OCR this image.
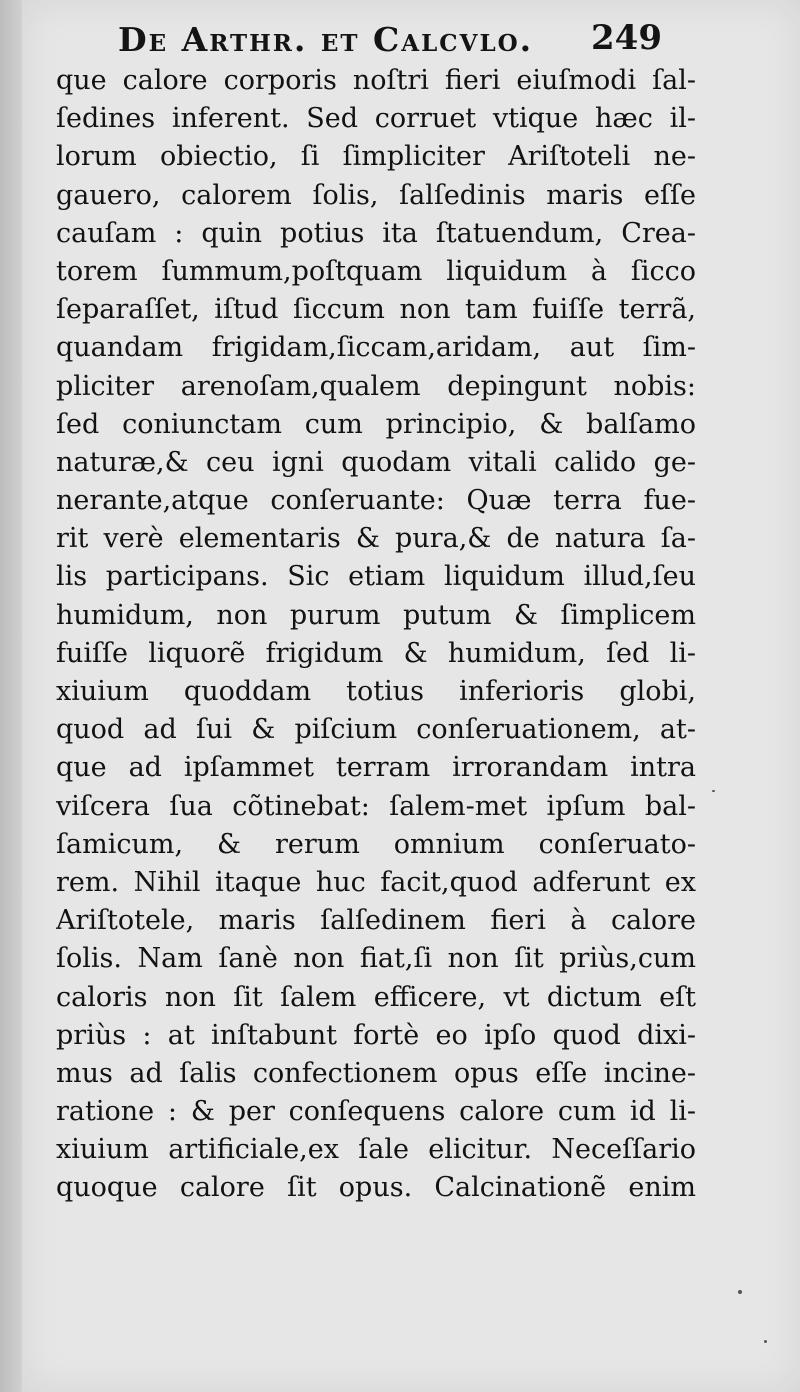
De Arthr. et Calcvlo. 249
que calore corporis noſtri fieri eiuſmodi ſal-
ſedines inferent. Sed corruet vtique hæc il-
lorum obiectio, ſi ſimpliciter Ariſtoteli ne-
gauero, calorem ſolis, ſalſedinis maris eſſe
cauſam : quin potius ita ſtatuendum, Crea-
torem ſummum,poſtquam liquidum à ſicco
ſeparaſſet, iſtud ſiccum non tam fuiſſe terrã,
quandam frigidam,ſiccam,aridam, aut ſim-
pliciter arenoſam,qualem depingunt nobis:
ſed coniunctam cum principio, & balſamo
naturæ,& ceu igni quodam vitali calido ge-
nerante,atque conſeruante: Quæ terra fue-
rit verè elementaris & pura,& de natura ſa-
lis participans. Sic etiam liquidum illud,ſeu
humidum, non purum putum & ſimplicem
fuiſſe liquorẽ frigidum & humidum, ſed li-
xiuium quoddam totius inferioris globi,
quod ad ſui & piſcium conſeruationem, at-
que ad ipſammet terram irrorandam intra
viſcera ſua cõtinebat: ſalem-met ipſum bal-
ſamicum, & rerum omnium conſeruato-
rem. Nihil itaque huc facit,quod adferunt ex
Ariſtotele, maris ſalſedinem fieri à calore
ſolis. Nam ſanè non fiat,ſi non ſit priùs,cum
caloris non ſit ſalem efficere, vt dictum eſt
priùs : at inſtabunt fortè eo ipſo quod dixi-
mus ad ſalis confectionem opus eſſe incine-
ratione : & per conſequens calore cum id li-
xiuium artificiale,ex ſale elicitur. Neceſſario
quoque calore ſit opus. Calcinationẽ enim
